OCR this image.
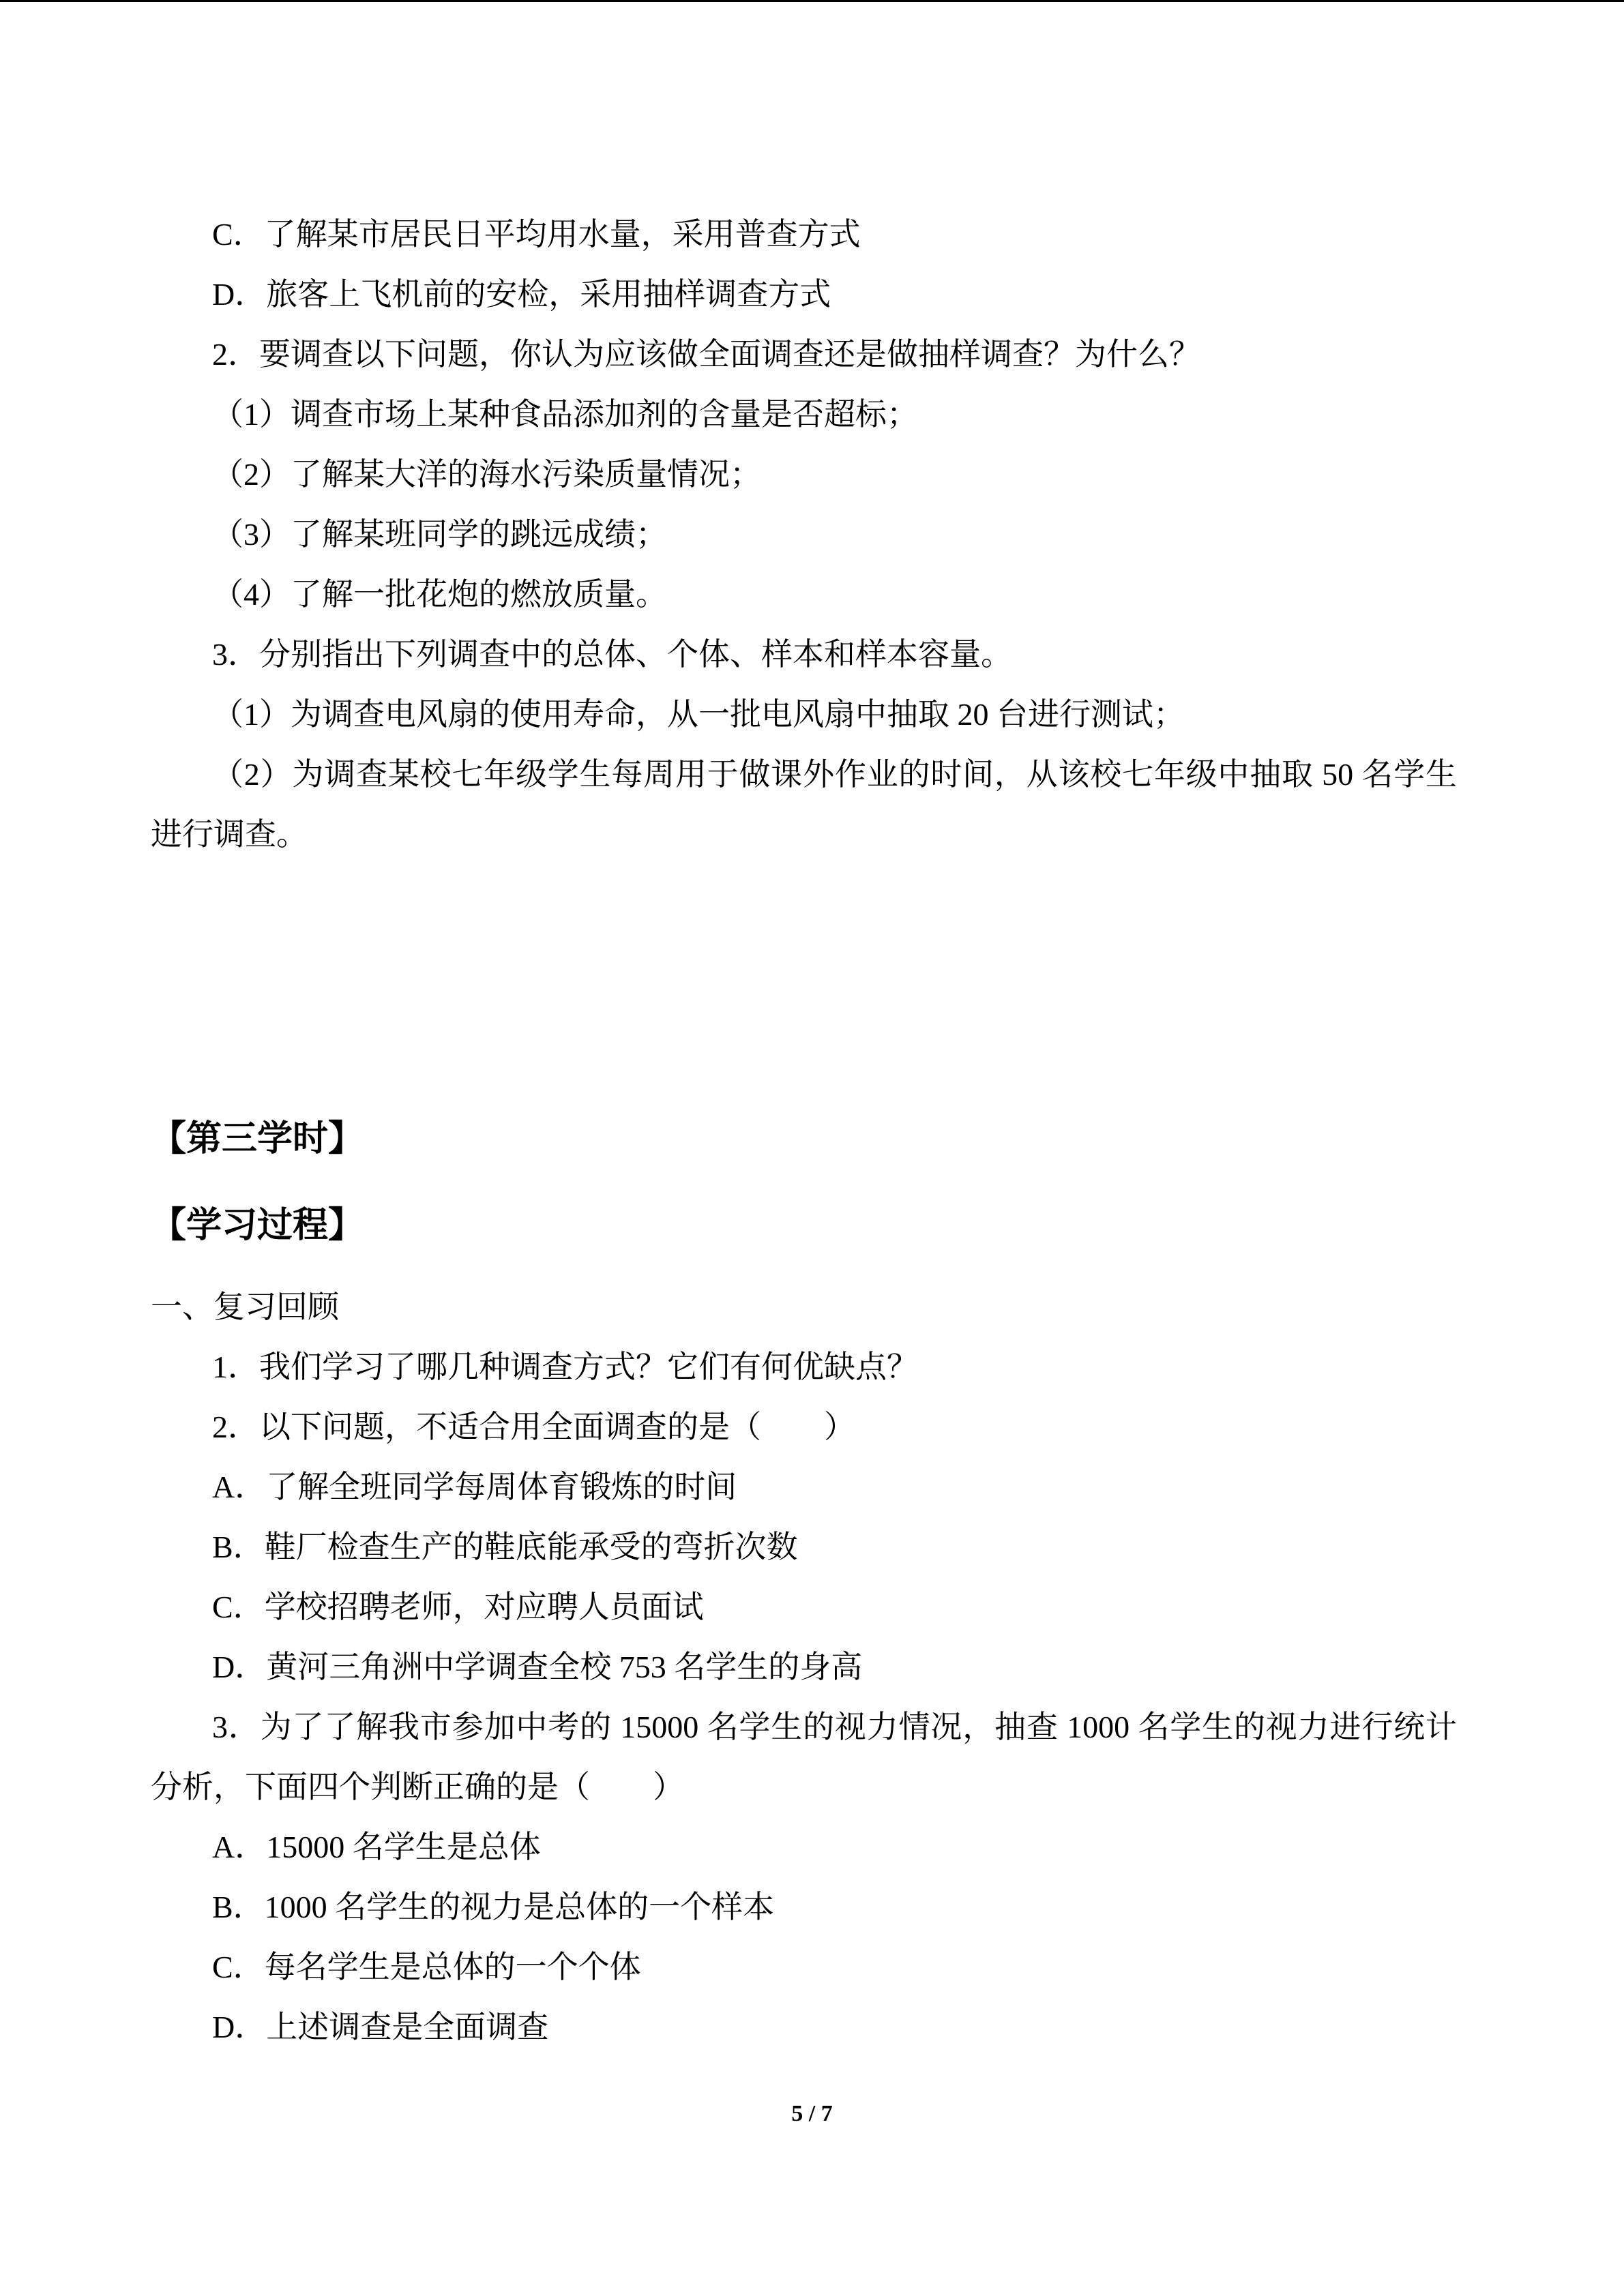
C．了解某市居民日平均用水量，采用普查方式
D．旅客上飞机前的安检，采用抽样调查方式
2．要调查以下问题，你认为应该做全面调查还是做抽样调查？为什么？
（1）调查市场上某种食品添加剂的含量是否超标；
（2）了解某大洋的海水污染质量情况；
（3）了解某班同学的跳远成绩；
（4）了解一批花炮的燃放质量。
3．分别指出下列调查中的总体、个体、样本和样本容量。
（1）为调查电风扇的使用寿命，从一批电风扇中抽取 20 台进行测试；
（2）为调查某校七年级学生每周用于做课外作业的时间，从该校七年级中抽取 50 名学生进行调查。
【第三学时】
【学习过程】
一、复习回顾
1．我们学习了哪几种调查方式？它们有何优缺点？
2．以下问题，不适合用全面调查的是（　　）
A．了解全班同学每周体育锻炼的时间
B．鞋厂检查生产的鞋底能承受的弯折次数
C．学校招聘老师，对应聘人员面试
D．黄河三角洲中学调查全校 753 名学生的身高
3．为了了解我市参加中考的 15000 名学生的视力情况，抽查 1000 名学生的视力进行统计分析，下面四个判断正确的是（　　）
A．15000 名学生是总体
B．1000 名学生的视力是总体的一个样本
C．每名学生是总体的一个个体
D．上述调查是全面调查
5 / 7
